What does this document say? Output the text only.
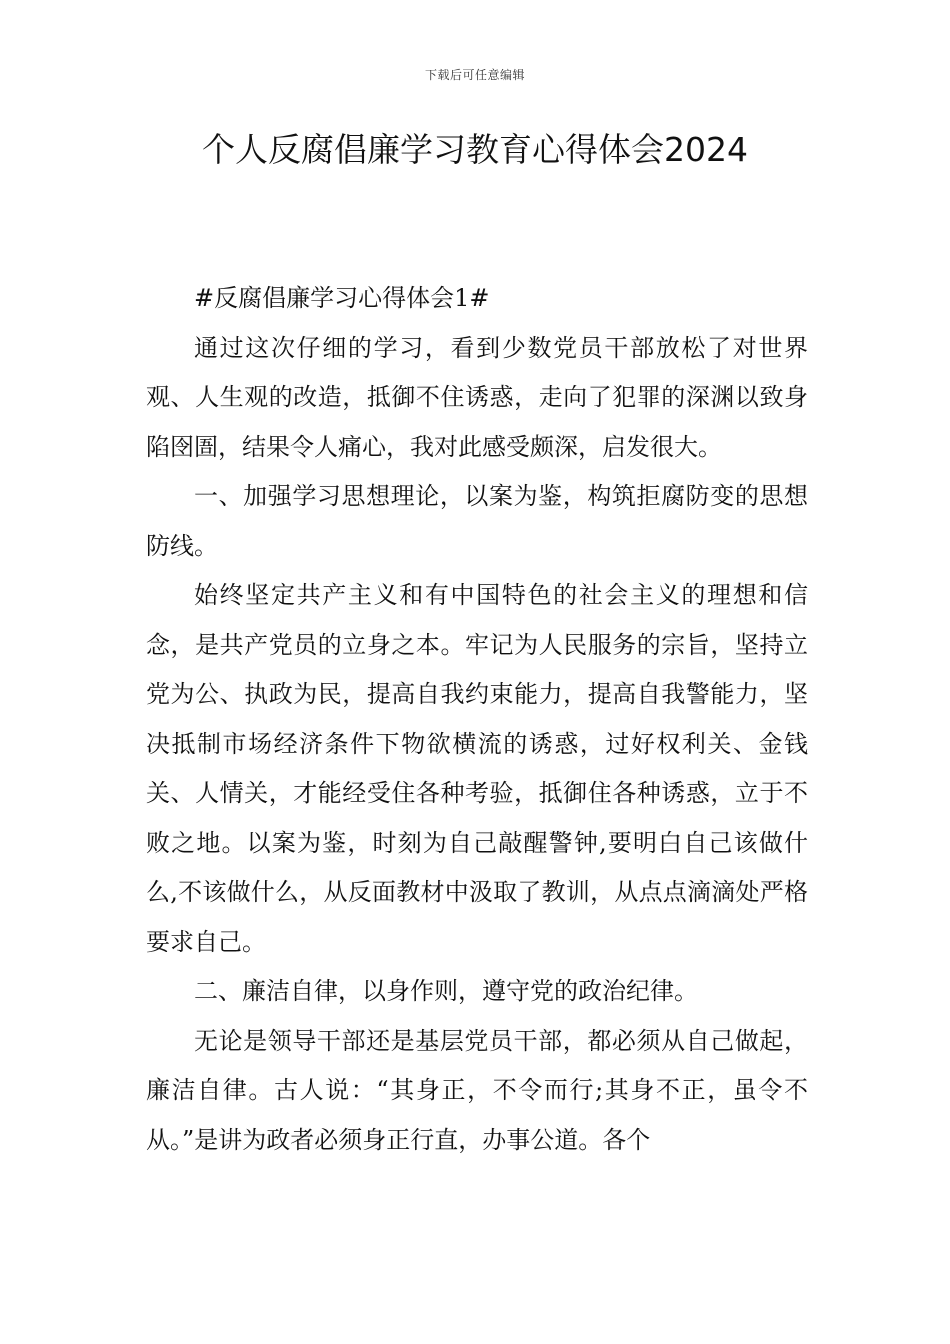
下载后可任意编辑
个人反腐倡廉学习教育心得体会2024

#反腐倡廉学习心得体会1#

通过这次仔细的学习，看到少数党员干部放松了对世界观、人生观的改造，抵御不住诱惑，走向了犯罪的深渊以致身陷囹圄，结果令人痛心，我对此感受颇深，启发很大。

一、加强学习思想理论，以案为鉴，构筑拒腐防变的思想防线。

始终坚定共产主义和有中国特色的社会主义的理想和信念，是共产党员的立身之本。牢记为人民服务的宗旨，坚持立党为公、执政为民，提高自我约束能力，提高自我警能力，坚决抵制市场经济条件下物欲横流的诱惑，过好权利关、金钱关、人情关，才能经受住各种考验，抵御住各种诱惑，立于不败之地。以案为鉴，时刻为自己敲醒警钟,要明白自己该做什么,不该做什么，从反面教材中汲取了教训，从点点滴滴处严格要求自己。

二、廉洁自律，以身作则，遵守党的政治纪律。

无论是领导干部还是基层党员干部，都必须从自己做起，廉洁自律。古人说：“其身正，不令而行;其身不正，虽令不从。”是讲为政者必须身正行直，办事公道。各个
